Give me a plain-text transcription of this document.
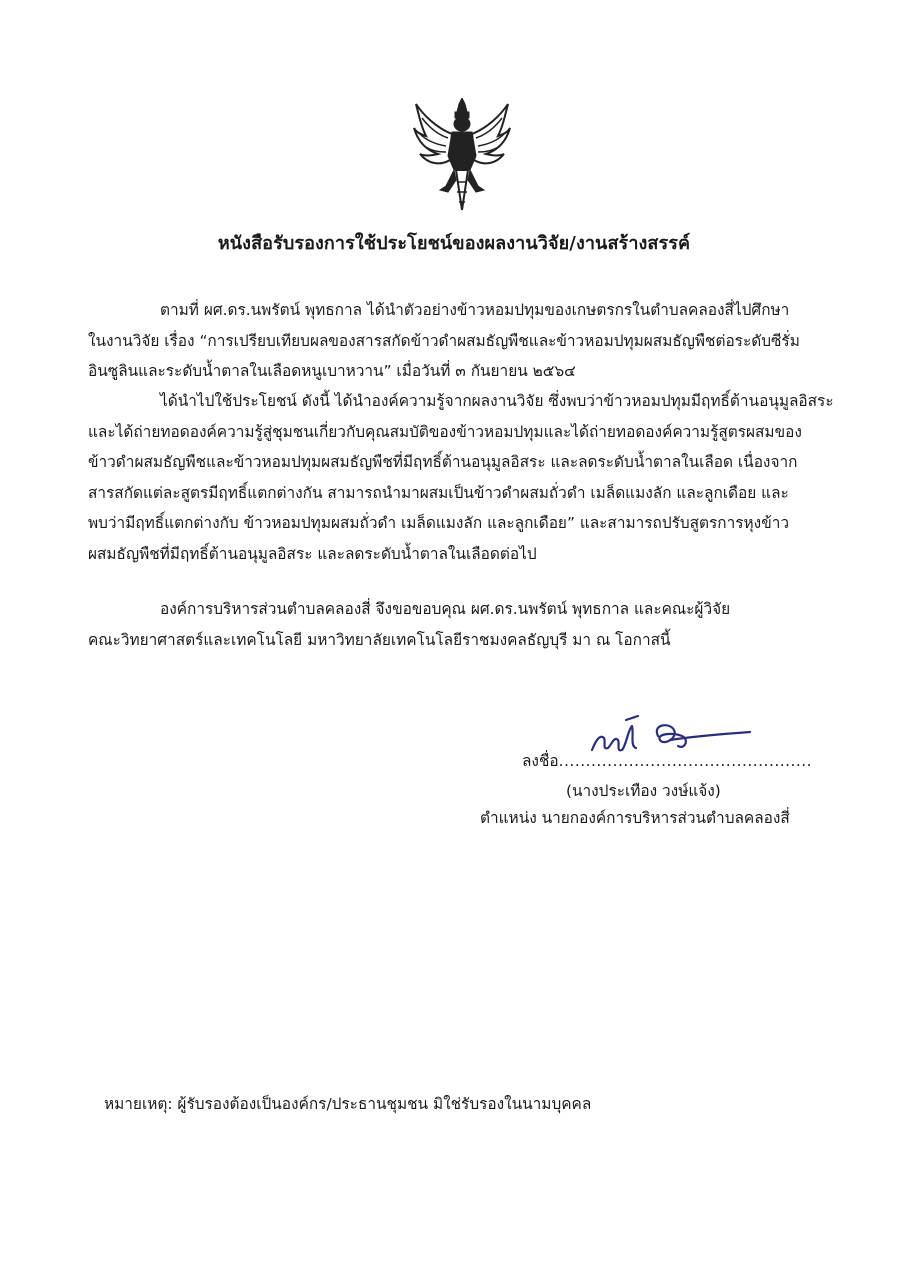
หนังสือรับรองการใช้ประโยชน์ของผลงานวิจัย/งานสร้างสรรค์
ตามที่ ผศ.ดร.นพรัตน์ พุทธกาล ได้นำตัวอย่างข้าวหอมปทุมของเกษตรกรในตำบลคลองสี่ไปศึกษา
ในงานวิจัย เรื่อง “การเปรียบเทียบผลของสารสกัดข้าวดำผสมธัญพืชและข้าวหอมปทุมผสมธัญพืชต่อระดับซีรั่ม
อินซูลินและระดับน้ำตาลในเลือดหนูเบาหวาน” เมื่อวันที่ ๓ กันยายน ๒๕๖๔
ได้นำไปใช้ประโยชน์ ดังนี้ ได้นำองค์ความรู้จากผลงานวิจัย ซึ่งพบว่าข้าวหอมปทุมมีฤทธิ์ต้านอนุมูลอิสระ
และได้ถ่ายทอดองค์ความรู้สู่ชุมชนเกี่ยวกับคุณสมบัติของข้าวหอมปทุมและได้ถ่ายทอดองค์ความรู้สูตรผสมของ
ข้าวดำผสมธัญพืชและข้าวหอมปทุมผสมธัญพืชที่มีฤทธิ์ต้านอนุมูลอิสระ และลดระดับน้ำตาลในเลือด เนื่องจาก
สารสกัดแต่ละสูตรมีฤทธิ์แตกต่างกัน สามารถนำมาผสมเป็นข้าวดำผสมถั่วดำ เมล็ดแมงลัก และลูกเดือย และ
พบว่ามีฤทธิ์แตกต่างกับ ข้าวหอมปทุมผสมถั่วดำ เมล็ดแมงลัก และลูกเดือย” และสามารถปรับสูตรการหุงข้าว
ผสมธัญพืชที่มีฤทธิ์ต้านอนุมูลอิสระ และลดระดับน้ำตาลในเลือดต่อไป
องค์การบริหารส่วนตำบลคลองสี่ จึงขอขอบคุณ ผศ.ดร.นพรัตน์ พุทธกาล และคณะผู้วิจัย
คณะวิทยาศาสตร์และเทคโนโลยี มหาวิทยาลัยเทคโนโลยีราชมงคลธัญบุรี มา ณ โอกาสนี้
ลงชื่อ...............................................
(นางประเทือง วงษ์แจ้ง)
ตำแหน่ง นายกองค์การบริหารส่วนตำบลคลองสี่
หมายเหตุ: ผู้รับรองต้องเป็นองค์กร/ประธานชุมชน มิใช่รับรองในนามบุคคล
